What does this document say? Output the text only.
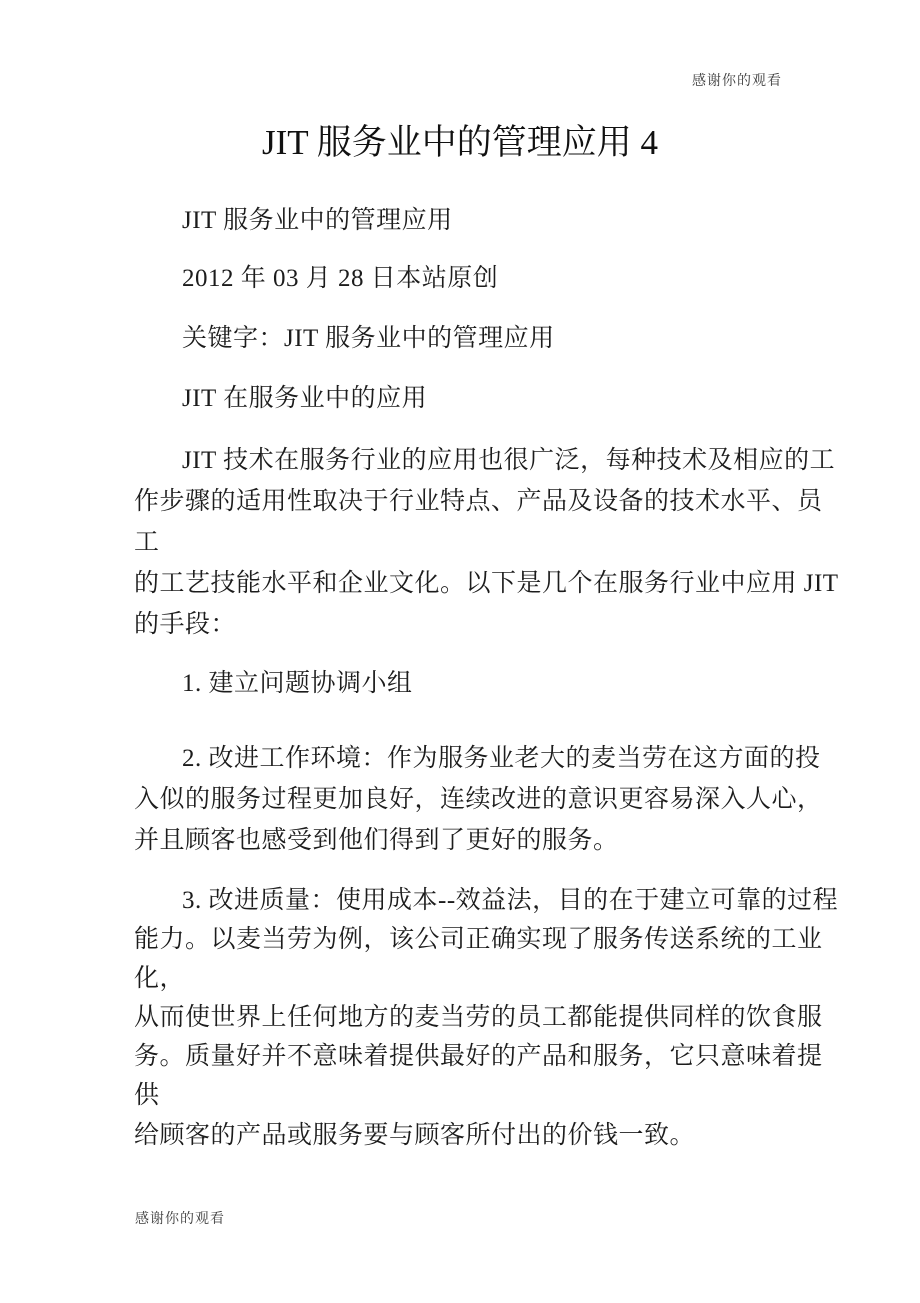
感谢你的观看
JIT 服务业中的管理应用 4
JIT 服务业中的管理应用
2012 年 03 月 28 日本站原创
关键字：JIT 服务业中的管理应用
JIT 在服务业中的应用
JIT 技术在服务行业的应用也很广泛，每种技术及相应的工
作步骤的适用性取决于行业特点、产品及设备的技术水平、员
工
的工艺技能水平和企业文化。以下是几个在服务行业中应用 JIT
的手段：
1. 建立问题协调小组
2. 改进工作环境：作为服务业老大的麦当劳在这方面的投
入似的服务过程更加良好，连续改进的意识更容易深入人心，
并且顾客也感受到他们得到了更好的服务。
3. 改进质量：使用成本--效益法，目的在于建立可靠的过程
能力。以麦当劳为例，该公司正确实现了服务传送系统的工业
化，
从而使世界上任何地方的麦当劳的员工都能提供同样的饮食服
务。质量好并不意味着提供最好的产品和服务，它只意味着提
供
给顾客的产品或服务要与顾客所付出的价钱一致。
感谢你的观看
